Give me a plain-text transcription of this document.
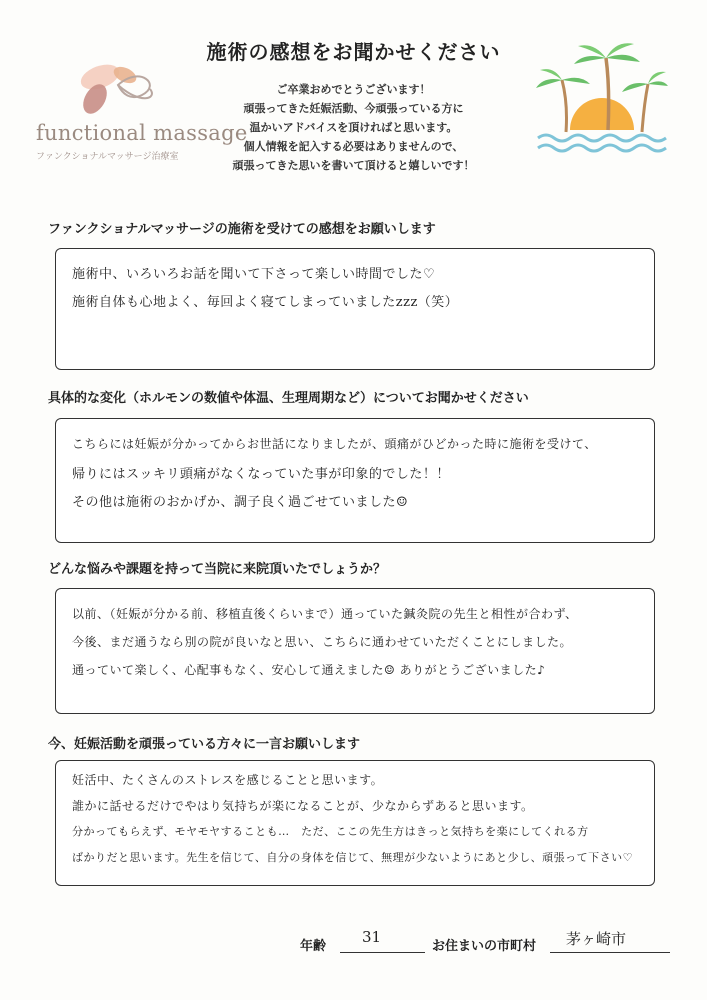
functional massage
ファンクショナルマッサージ治療室
施術の感想をお聞かせください
ご卒業おめでとうございます！
頑張ってきた妊娠活動、今頑張っている方に
温かいアドバイスを頂ければと思います。
個人情報を記入する必要はありませんので、
頑張ってきた思いを書いて頂けると嬉しいです！
ファンクショナルマッサージの施術を受けての感想をお願いします
施術中、いろいろお話を聞いて下さって楽しい時間でした♡
施術自体も心地よく、毎回よく寝てしまっていましたzzz（笑）
具体的な変化（ホルモンの数値や体温、生理周期など）についてお聞かせください
こちらには妊娠が分かってからお世話になりましたが、頭痛がひどかった時に施術を受けて、
帰りにはスッキリ頭痛がなくなっていた事が印象的でした！！
その他は施術のおかげか、調子良く過ごせていました☺
どんな悩みや課題を持って当院に来院頂いたでしょうか？
以前、（妊娠が分かる前、移植直後くらいまで）通っていた鍼灸院の先生と相性が合わず、
今後、まだ通うなら別の院が良いなと思い、こちらに通わせていただくことにしました。
通っていて楽しく、心配事もなく、安心して通えました☺ ありがとうございました♪
今、妊娠活動を頑張っている方々に一言お願いします
妊活中、たくさんのストレスを感じることと思います。
誰かに話せるだけでやはり気持ちが楽になることが、少なからずあると思います。
分かってもらえず、モヤモヤすることも…　ただ、ここの先生方はきっと気持ちを楽にしてくれる方
ばかりだと思います。先生を信じて、自分の身体を信じて、無理が少ないようにあと少し、頑張って下さい♡
年齢
31
お住まいの市町村 茅ヶ崎市
